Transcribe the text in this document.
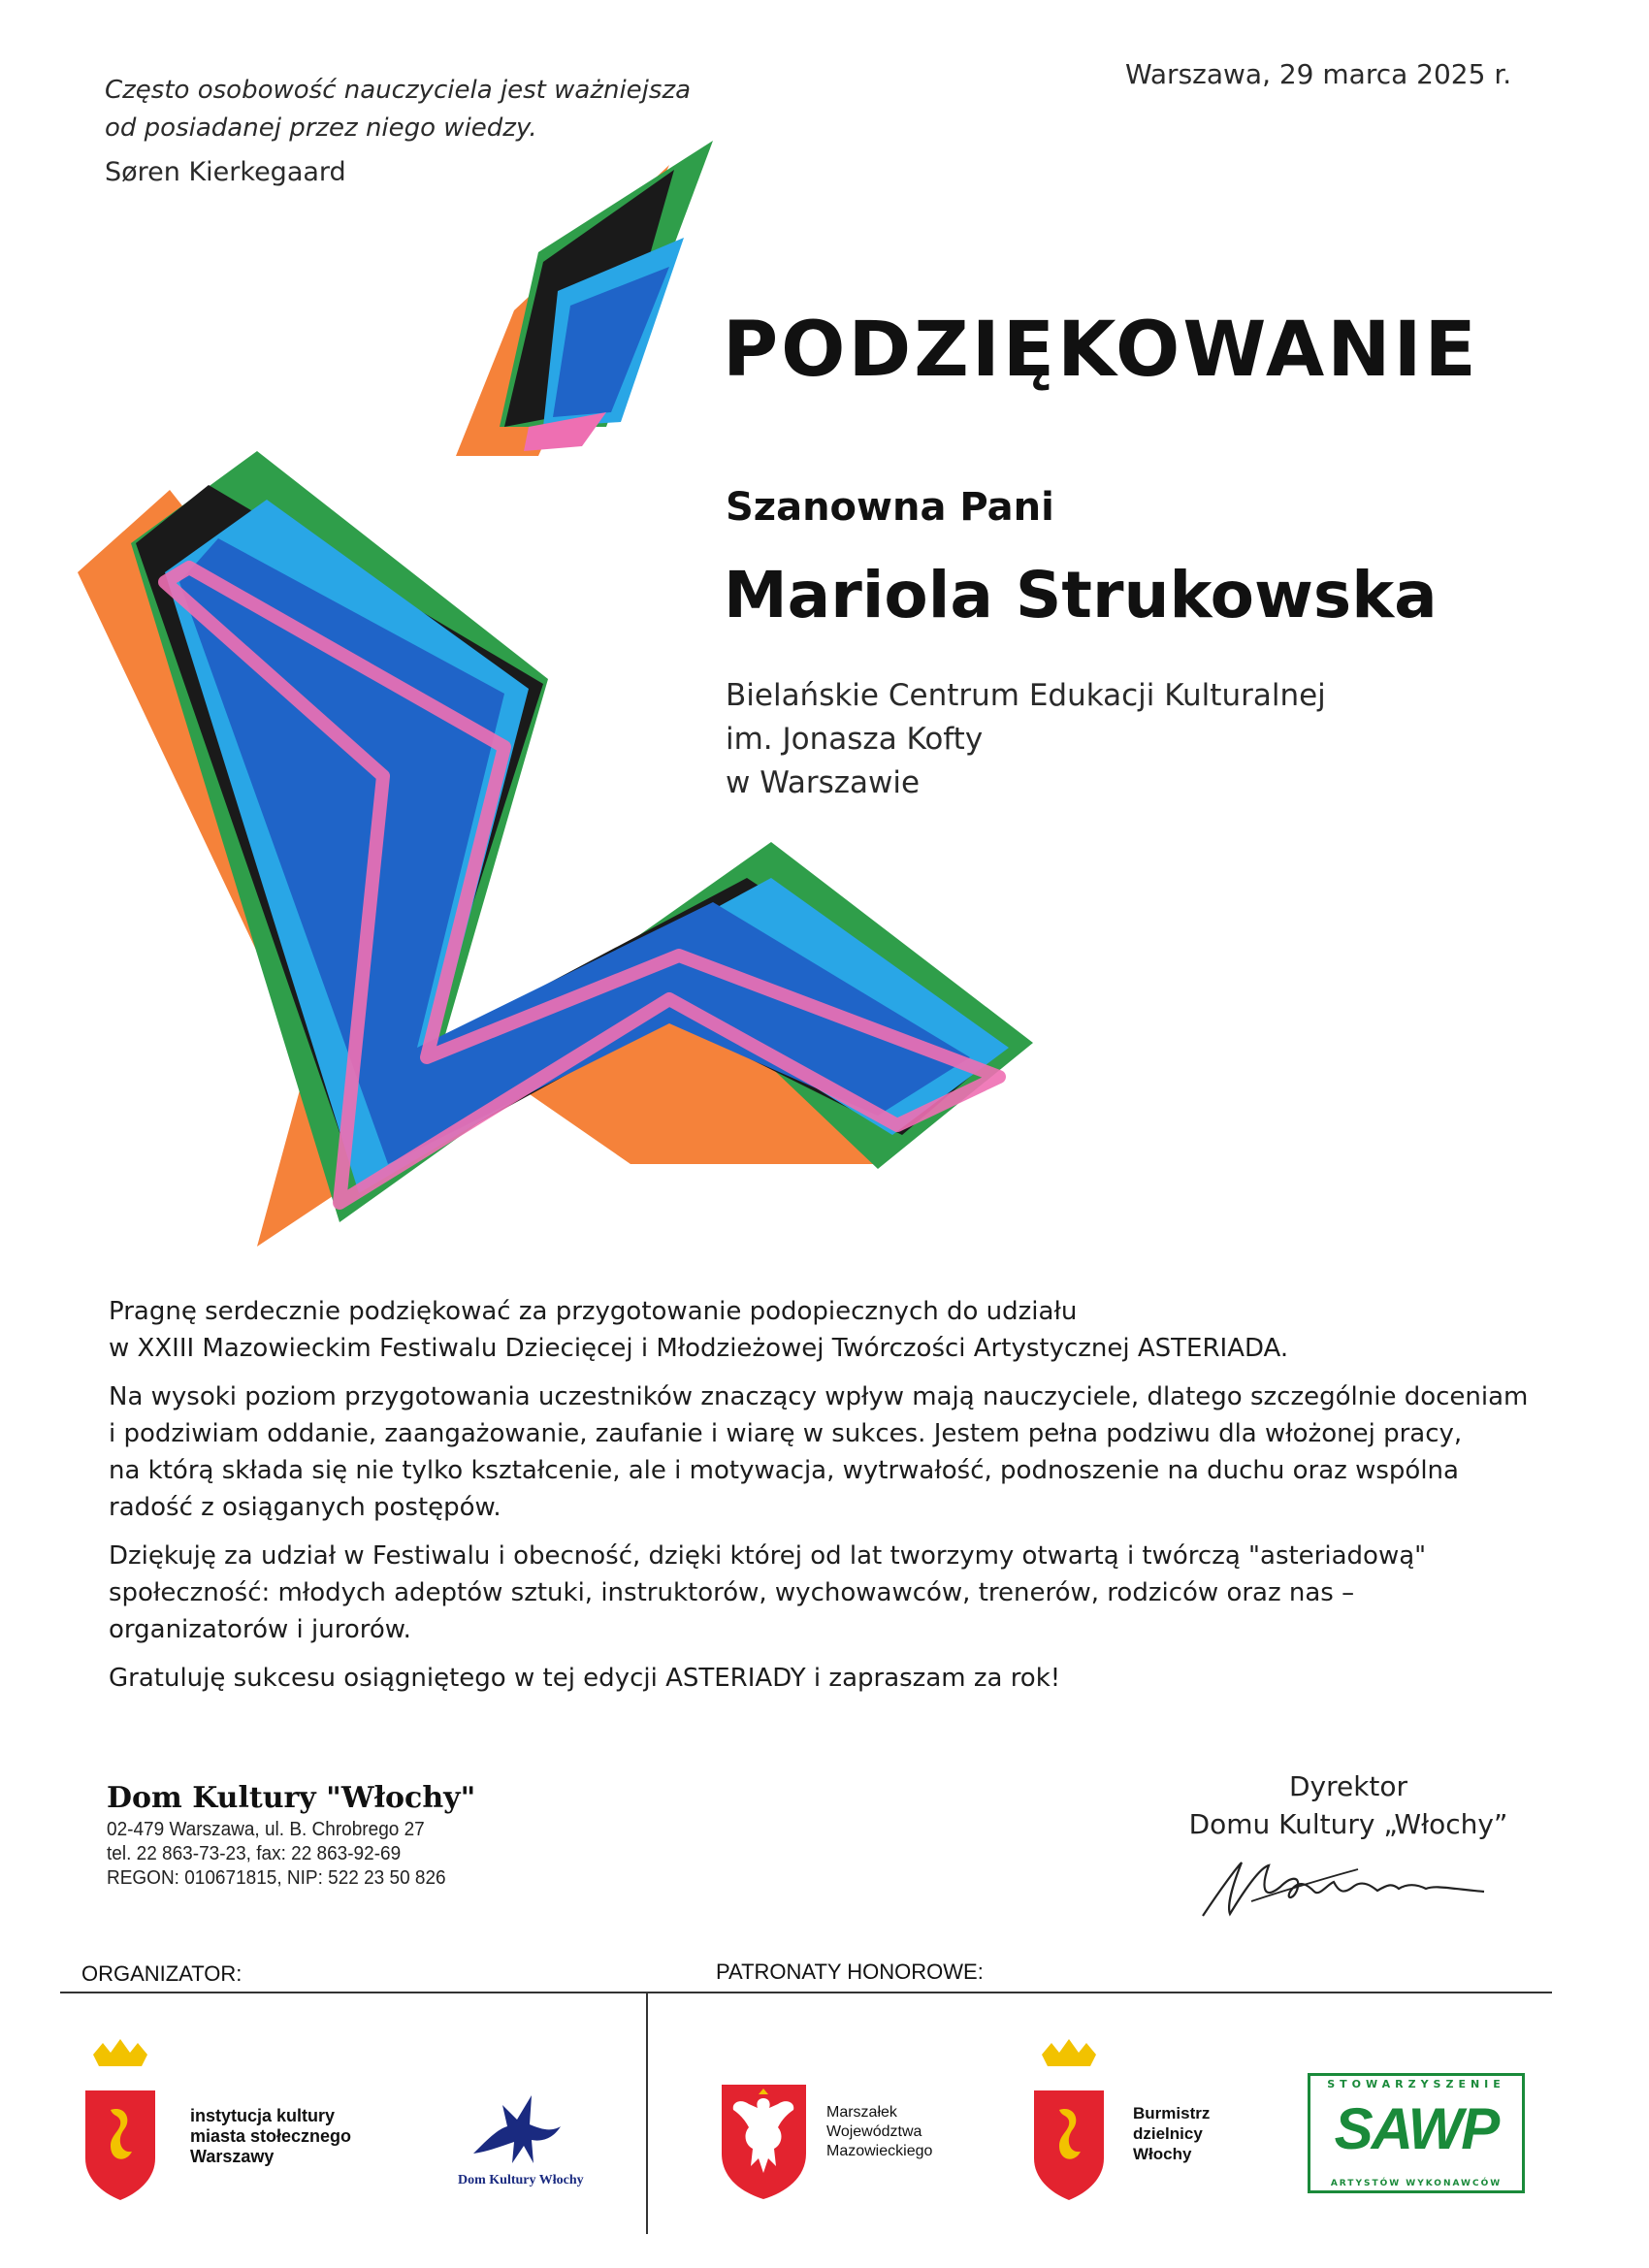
Często osobowość nauczyciela jest ważniejsza
od posiadanej przez niego wiedzy.
Søren Kierkegaard
Warszawa, 29 marca 2025 r.
PODZIĘKOWANIE
Szanowna Pani
Mariola Strukowska
Bielańskie Centrum Edukacji Kulturalnej
im. Jonasza Kofty
w Warszawie

Pragnę serdecznie podziękować za przygotowanie podopiecznych do udziału
w XXIII Mazowieckim Festiwalu Dziecięcej i Młodzieżowej Twórczości Artystycznej ASTERIADA.

Na wysoki poziom przygotowania uczestników znaczący wpływ mają nauczyciele, dlatego szczególnie doceniam
i podziwiam oddanie, zaangażowanie, zaufanie i wiarę w sukces. Jestem pełna podziwu dla włożonej pracy,
na którą składa się nie tylko kształcenie, ale i motywacja, wytrwałość, podnoszenie na duchu oraz wspólna
radość z osiąganych postępów.

Dziękuję za udział w Festiwalu i obecność, dzięki której od lat tworzymy otwartą i twórczą "asteriadową"
społeczność: młodych adeptów sztuki, instruktorów, wychowawców, trenerów, rodziców oraz nas –
organizatorów i jurorów.

Gratuluję sukcesu osiągniętego w tej edycji ASTERIADY i zapraszam za rok!

Dom Kultury "Włochy"
02-479 Warszawa, ul. B. Chrobrego 27
tel. 22 863-73-23, fax: 22 863-92-69
REGON: 010671815, NIP: 522 23 50 826
Dyrektor
Domu Kultury „Włochy”
ORGANIZATOR:	PATRONATY HONOROWE:
instytucja kultury
miasta stołecznego
Warszawy
Dom Kultury Włochy
Marszałek
Województwa
Mazowieckiego
Burmistrz
dzielnicy
Włochy
STOWARZYSZENIE
SAWP
ARTYSTÓW WYKONAWCÓW
